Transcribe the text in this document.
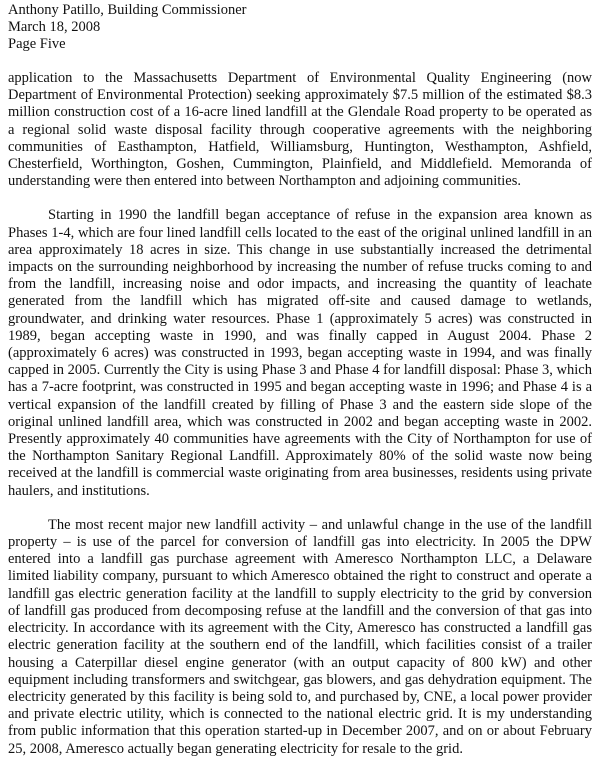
Anthony Patillo, Building Commissioner

March 18, 2008

Page Five

application to the Massachusetts Department of Environmental Quality Engineering (now Department of Environmental Protection) seeking approximately $7.5 million of the estimated $8.3 million construction cost of a 16-acre lined landfill at the Glendale Road property to be operated as a regional solid waste disposal facility through cooperative agreements with the neighboring communities of Easthampton, Hatfield, Williamsburg, Huntington, Westhampton, Ashfield, Chesterfield, Worthington, Goshen, Cummington, Plainfield, and Middlefield. Memoranda of understanding were then entered into between Northampton and adjoining communities.

Starting in 1990 the landfill began acceptance of refuse in the expansion area known as Phases 1-4, which are four lined landfill cells located to the east of the original unlined landfill in an area approximately 18 acres in size. This change in use substantially increased the detrimental impacts on the surrounding neighborhood by increasing the number of refuse trucks coming to and from the landfill, increasing noise and odor impacts, and increasing the quantity of leachate generated from the landfill which has migrated off-site and caused damage to wetlands, groundwater, and drinking water resources. Phase 1 (approximately 5 acres) was constructed in 1989, began accepting waste in 1990, and was finally capped in August 2004. Phase 2 (approximately 6 acres) was constructed in 1993, began accepting waste in 1994, and was finally capped in 2005. Currently the City is using Phase 3 and Phase 4 for landfill disposal: Phase 3, which has a 7-acre footprint, was constructed in 1995 and began accepting waste in 1996; and Phase 4 is a vertical expansion of the landfill created by filling of Phase 3 and the eastern side slope of the original unlined landfill area, which was constructed in 2002 and began accepting waste in 2002. Presently approximately 40 communities have agreements with the City of Northampton for use of the Northampton Sanitary Regional Landfill. Approximately 80% of the solid waste now being received at the landfill is commercial waste originating from area businesses, residents using private haulers, and institutions.

The most recent major new landfill activity – and unlawful change in the use of the landfill property – is use of the parcel for conversion of landfill gas into electricity. In 2005 the DPW entered into a landfill gas purchase agreement with Ameresco Northampton LLC, a Delaware limited liability company, pursuant to which Ameresco obtained the right to construct and operate a landfill gas electric generation facility at the landfill to supply electricity to the grid by conversion of landfill gas produced from decomposing refuse at the landfill and the conversion of that gas into electricity. In accordance with its agreement with the City, Ameresco has constructed a landfill gas electric generation facility at the southern end of the landfill, which facilities consist of a trailer housing a Caterpillar diesel engine generator (with an output capacity of 800 kW) and other equipment including transformers and switchgear, gas blowers, and gas dehydration equipment. The electricity generated by this facility is being sold to, and purchased by, CNE, a local power provider and private electric utility, which is connected to the national electric grid. It is my understanding from public information that this operation started-up in December 2007, and on or about February 25, 2008, Ameresco actually began generating electricity for resale to the grid.
